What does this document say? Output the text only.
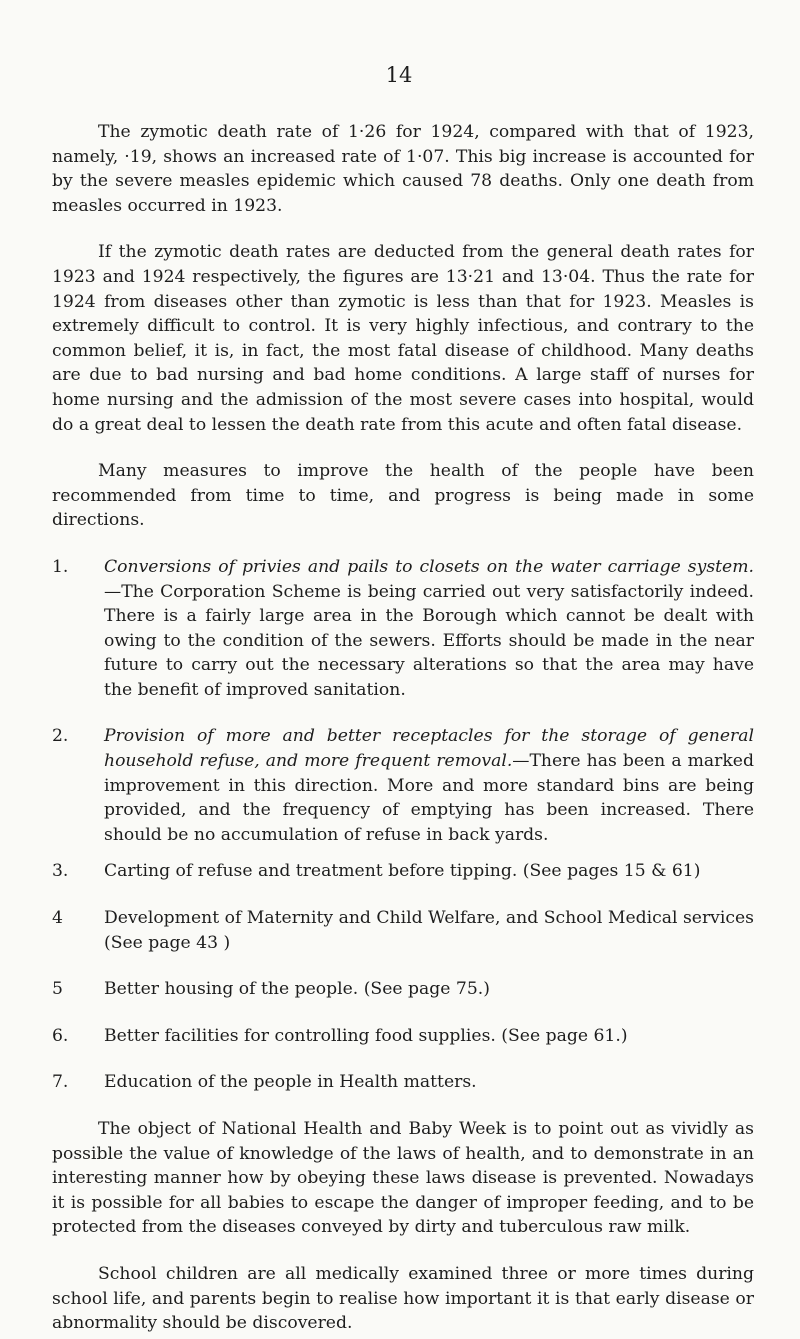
14

The zymotic death rate of 1·26 for 1924, compared with that of 1923, namely, ·19, shows an increased rate of 1·07. This big increase is accounted for by the severe measles epidemic which caused 78 deaths. Only one death from measles occurred in 1923.

If the zymotic death rates are deducted from the general death rates for 1923 and 1924 respectively, the figures are 13·21 and 13·04. Thus the rate for 1924 from diseases other than zymotic is less than that for 1923. Measles is extremely difficult to control. It is very highly infectious, and contrary to the common belief, it is, in fact, the most fatal disease of childhood. Many deaths are due to bad nursing and bad home conditions. A large staff of nurses for home nursing and the admission of the most severe cases into hospital, would do a great deal to lessen the death rate from this acute and often fatal disease.

Many measures to improve the health of the people have been recommended from time to time, and progress is being made in some directions.

1.	Conversions of privies and pails to closets on the water carriage system.—The Corporation Scheme is being carried out very satisfactorily indeed. There is a fairly large area in the Borough which cannot be dealt with owing to the condition of the sewers. Efforts should be made in the near future to carry out the necessary alterations so that the area may have the benefit of improved sanitation.
2.	Provision of more and better receptacles for the storage of general household refuse, and more frequent removal.—There has been a marked improvement in this direction. More and more standard bins are being provided, and the frequency of emptying has been increased. There should be no accumulation of refuse in back yards.
3.	Carting of refuse and treatment before tipping. (See pages 15 & 61)
4	Development of Maternity and Child Welfare, and School Medical services (See page 43 )
5	Better housing of the people. (See page 75.)
6.	Better facilities for controlling food supplies. (See page 61.)
7.	Education of the people in Health matters.

The object of National Health and Baby Week is to point out as vividly as possible the value of knowledge of the laws of health, and to demonstrate in an interesting manner how by obeying these laws disease is prevented. Nowadays it is possible for all babies to escape the danger of improper feeding, and to be protected from the diseases conveyed by dirty and tuberculous raw milk.

School children are all medically examined three or more times during school life, and parents begin to realise how important it is that early disease or abnormality should be discovered.
